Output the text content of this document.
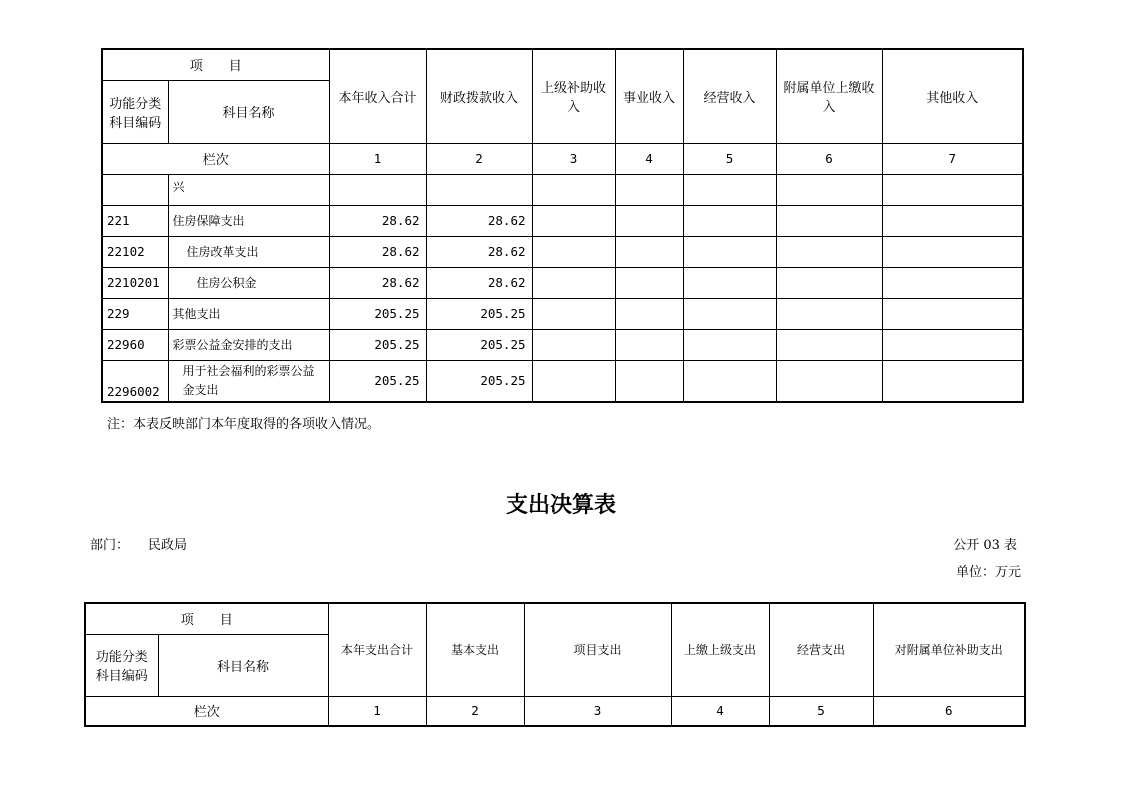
项　　目		本年收入合计	财政拨款收入	上级补助收入	事业收入	经营收入	附属单位上缴收入	其他收入
功能分类科目编码	科目名称							
栏次		1	2	3	4	5	6	7
	兴							
221	住房保障支出	28.62	28.62					
22102	住房改革支出	28.62	28.62					
2210201	住房公积金	28.62	28.62					
229	其他支出	205.25	205.25					
22960	彩票公益金安排的支出	205.25	205.25					
2296002	用于社会福利的彩票公益金支出	205.25	205.25					
注：本表反映部门本年度取得的各项收入情况。
支出决算表
部门： 民政局	公开 03 表
单位：万元
项　　目		本年支出合计	基本支出	项目支出	上缴上级支出	经营支出	对附属单位补助支出
功能分类科目编码	科目名称						
栏次		1	2	3	4	5	6
